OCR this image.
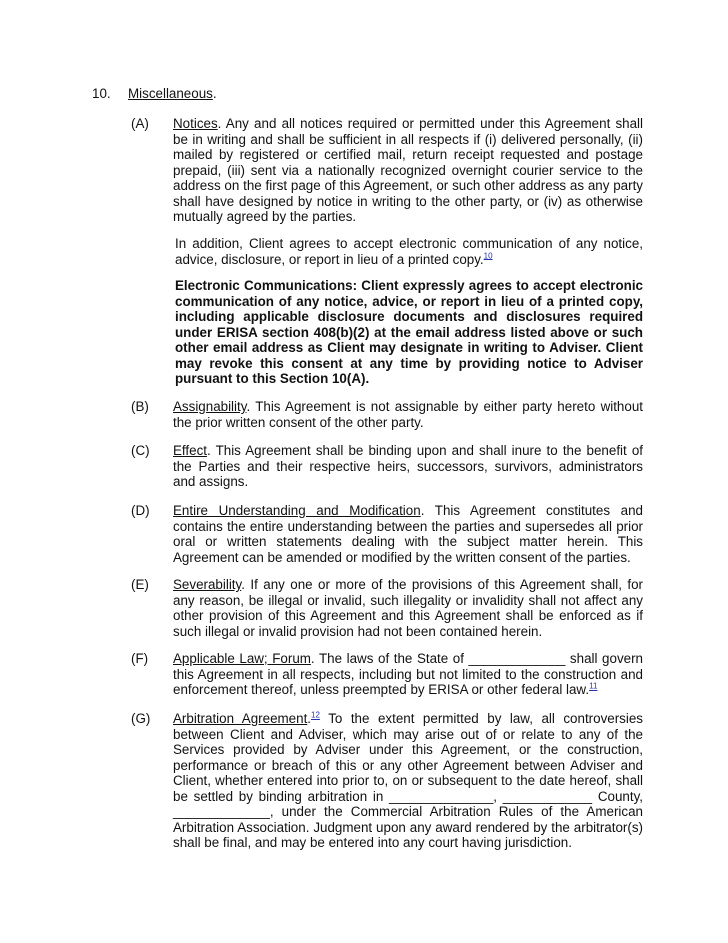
10. Miscellaneous.
(A) Notices. Any and all notices required or permitted under this Agreement shall be in writing and shall be sufficient in all respects if (i) delivered personally, (ii) mailed by registered or certified mail, return receipt requested and postage prepaid, (iii) sent via a nationally recognized overnight courier service to the address on the first page of this Agreement, or such other address as any party shall have designed by notice in writing to the other party, or (iv) as otherwise mutually agreed by the parties.
In addition, Client agrees to accept electronic communication of any notice, advice, disclosure, or report in lieu of a printed copy.$^{10}$
Electronic Communications: Client expressly agrees to accept electronic communication of any notice, advice, or report in lieu of a printed copy, including applicable disclosure documents and disclosures required under ERISA section 408(b)(2) at the email address listed above or such other email address as Client may designate in writing to Adviser. Client may revoke this consent at any time by providing notice to Adviser pursuant to this Section 10(A).
(B) Assignability. This Agreement is not assignable by either party hereto without the prior written consent of the other party.
(C) Effect. This Agreement shall be binding upon and shall inure to the benefit of the Parties and their respective heirs, successors, survivors, administrators and assigns.
(D) Entire Understanding and Modification. This Agreement constitutes and contains the entire understanding between the parties and supersedes all prior oral or written statements dealing with the subject matter herein. This Agreement can be amended or modified by the written consent of the parties.
(E) Severability. If any one or more of the provisions of this Agreement shall, for any reason, be illegal or invalid, such illegality or invalidity shall not affect any other provision of this Agreement and this Agreement shall be enforced as if such illegal or invalid provision had not been contained herein.
(F) Applicable Law; Forum. The laws of the State of _____________ shall govern this Agreement in all respects, including but not limited to the construction and enforcement thereof, unless preempted by ERISA or other federal law.$^{11}$
(G) Arbitration Agreement.$^{12}$ To the extent permitted by law, all controversies between Client and Adviser, which may arise out of or relate to any of the Services provided by Adviser under this Agreement, or the construction, performance or breach of this or any other Agreement between Adviser and Client, whether entered into prior to, on or subsequent to the date hereof, shall be settled by binding arbitration in ______________, ____________ County, _____________, under the Commercial Arbitration Rules of the American Arbitration Association. Judgment upon any award rendered by the arbitrator(s) shall be final, and may be entered into any court having jurisdiction.
